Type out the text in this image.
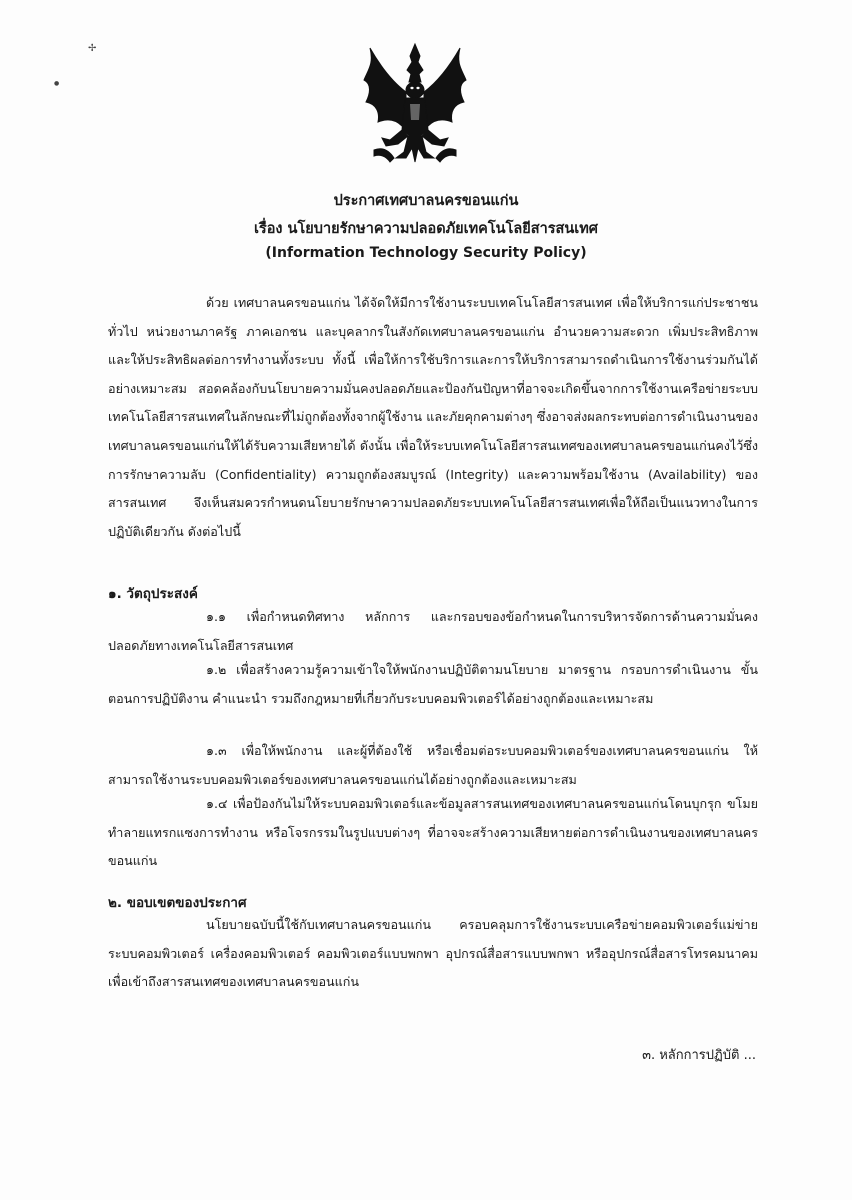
✢
●
ประกาศเทศบาลนครขอนแก่น
เรื่อง นโยบายรักษาความปลอดภัยเทคโนโลยีสารสนเทศ
(Information Technology Security Policy)
ด้วย เทศบาลนครขอนแก่น ได้จัดให้มีการใช้งานระบบเทคโนโลยีสารสนเทศ เพื่อให้บริการแก่ประชาชนทั่วไป หน่วยงานภาครัฐ ภาคเอกชน และบุคลากรในสังกัดเทศบาลนครขอนแก่น อำนวยความสะดวก เพิ่มประสิทธิภาพ และให้ประสิทธิผลต่อการทำงานทั้งระบบ ทั้งนี้ เพื่อให้การใช้บริการและการให้บริการสามารถดำเนินการใช้งานร่วมกันได้อย่างเหมาะสม สอดคล้องกับนโยบายความมั่นคงปลอดภัยและป้องกันปัญหาที่อาจจะเกิดขึ้นจากการใช้งานเครือข่ายระบบเทคโนโลยีสารสนเทศในลักษณะที่ไม่ถูกต้องทั้งจากผู้ใช้งาน และภัยคุกคามต่างๆ ซึ่งอาจส่งผลกระทบต่อการดำเนินงานของเทศบาลนครขอนแก่นให้ได้รับความเสียหายได้ ดังนั้น เพื่อให้ระบบเทคโนโลยีสารสนเทศของเทศบาลนครขอนแก่นคงไว้ซึ่งการรักษาความลับ (Confidentiality) ความถูกต้องสมบูรณ์ (Integrity) และความพร้อมใช้งาน (Availability) ของสารสนเทศ จึงเห็นสมควรกำหนดนโยบายรักษาความปลอดภัยระบบเทคโนโลยีสารสนเทศเพื่อให้ถือเป็นแนวทางในการปฏิบัติเดียวกัน ดังต่อไปนี้
๑. วัตถุประสงค์
๑.๑ เพื่อกำหนดทิศทาง หลักการ และกรอบของข้อกำหนดในการบริหารจัดการด้านความมั่นคง ปลอดภัยทางเทคโนโลยีสารสนเทศ
๑.๒ เพื่อสร้างความรู้ความเข้าใจให้พนักงานปฏิบัติตามนโยบาย มาตรฐาน กรอบการดำเนินงาน ขั้นตอนการปฏิบัติงาน คำแนะนำ รวมถึงกฎหมายที่เกี่ยวกับระบบคอมพิวเตอร์ได้อย่างถูกต้องและเหมาะสม
๑.๓ เพื่อให้พนักงาน และผู้ที่ต้องใช้ หรือเชื่อมต่อระบบคอมพิวเตอร์ของเทศบาลนครขอนแก่น ให้สามารถใช้งานระบบคอมพิวเตอร์ของเทศบาลนครขอนแก่นได้อย่างถูกต้องและเหมาะสม
๑.๔ เพื่อป้องกันไม่ให้ระบบคอมพิวเตอร์และข้อมูลสารสนเทศของเทศบาลนครขอนแก่นโดนบุกรุก ขโมย ทำลายแทรกแซงการทำงาน หรือโจรกรรมในรูปแบบต่างๆ ที่อาจจะสร้างความเสียหายต่อการดำเนินงานของเทศบาลนครขอนแก่น
๒. ขอบเขตของประกาศ
นโยบายฉบับนี้ใช้กับเทศบาลนครขอนแก่น ครอบคลุมการใช้งานระบบเครือข่ายคอมพิวเตอร์แม่ข่าย ระบบคอมพิวเตอร์ เครื่องคอมพิวเตอร์ คอมพิวเตอร์แบบพกพา อุปกรณ์สื่อสารแบบพกพา หรืออุปกรณ์สื่อสารโทรคมนาคม เพื่อเข้าถึงสารสนเทศของเทศบาลนครขอนแก่น
๓. หลักการปฏิบัติ ...
